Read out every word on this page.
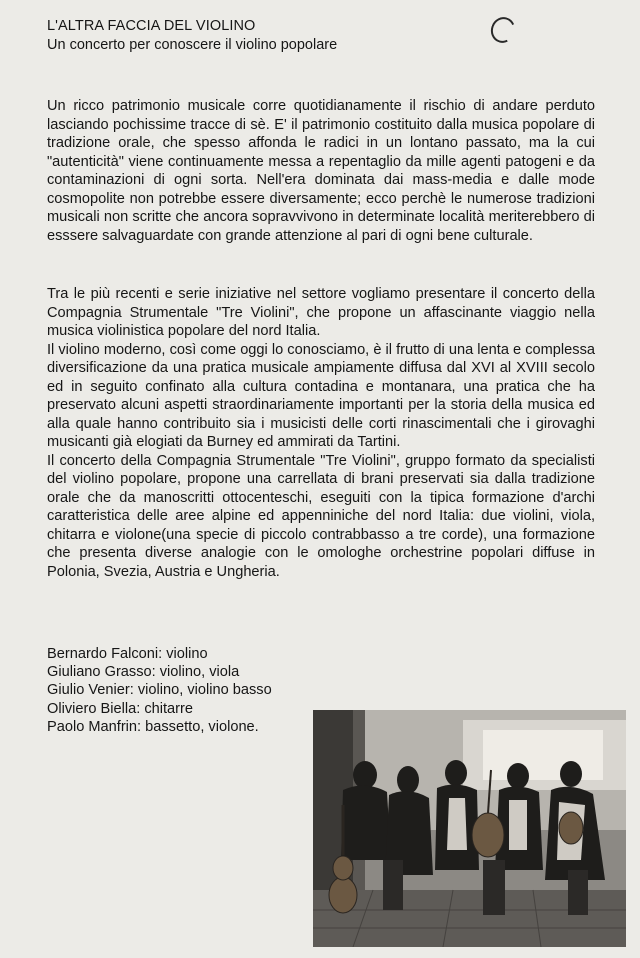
L'ALTRA FACCIA DEL VIOLINO
Un concerto per conoscere il violino popolare

Un ricco patrimonio musicale corre quotidianamente il rischio di andare perduto lasciando pochissime tracce di sè. E' il patrimonio costituito dalla musica popolare di tradizione orale, che spesso affonda le radici in un lontano passato, ma la cui "autenticità" viene continuamente messa a repentaglio da mille agenti patogeni e da contaminazioni di ogni sorta. Nell'era dominata dai mass-media e dalle mode cosmopolite non potrebbe essere diversamente; ecco perchè le numerose tradizioni musicali non scritte che ancora sopravvivono in determinate località meriterebbero di esssere salvaguardate con grande attenzione al pari di ogni bene culturale.

Tra le più recenti e serie iniziative nel settore vogliamo presentare il concerto della Compagnia Strumentale "Tre Violini", che propone un affascinante viaggio nella musica violinistica popolare del nord Italia.

Il violino moderno, così come oggi lo conosciamo, è il frutto di una lenta e complessa diversificazione da una pratica musicale ampiamente diffusa dal XVI al XVIII secolo ed in seguito confinato alla cultura contadina e montanara, una pratica che ha preservato alcuni aspetti straordinariamente importanti per la storia della musica ed alla quale hanno contribuito sia i musicisti delle corti rinascimentali che i girovaghi musicanti già elogiati da Burney ed ammirati da Tartini.

Il concerto della Compagnia Strumentale "Tre Violini", gruppo formato da specialisti del violino popolare, propone una carrellata di brani preservati sia dalla tradizione orale che da manoscritti ottocenteschi, eseguiti con la tipica formazione d'archi caratteristica delle aree alpine ed appenniniche del nord Italia: due violini, viola, chitarra e violone(una specie di piccolo contrabbasso a tre corde), una formazione che presenta diverse analogie con le omologhe orchestrine popolari diffuse in Polonia, Svezia, Austria e Ungheria.

Bernardo Falconi: violino
Giuliano Grasso: violino, viola
Giulio Venier: violino, violino basso
Oliviero Biella: chitarre
Paolo Manfrin: bassetto, violone.
